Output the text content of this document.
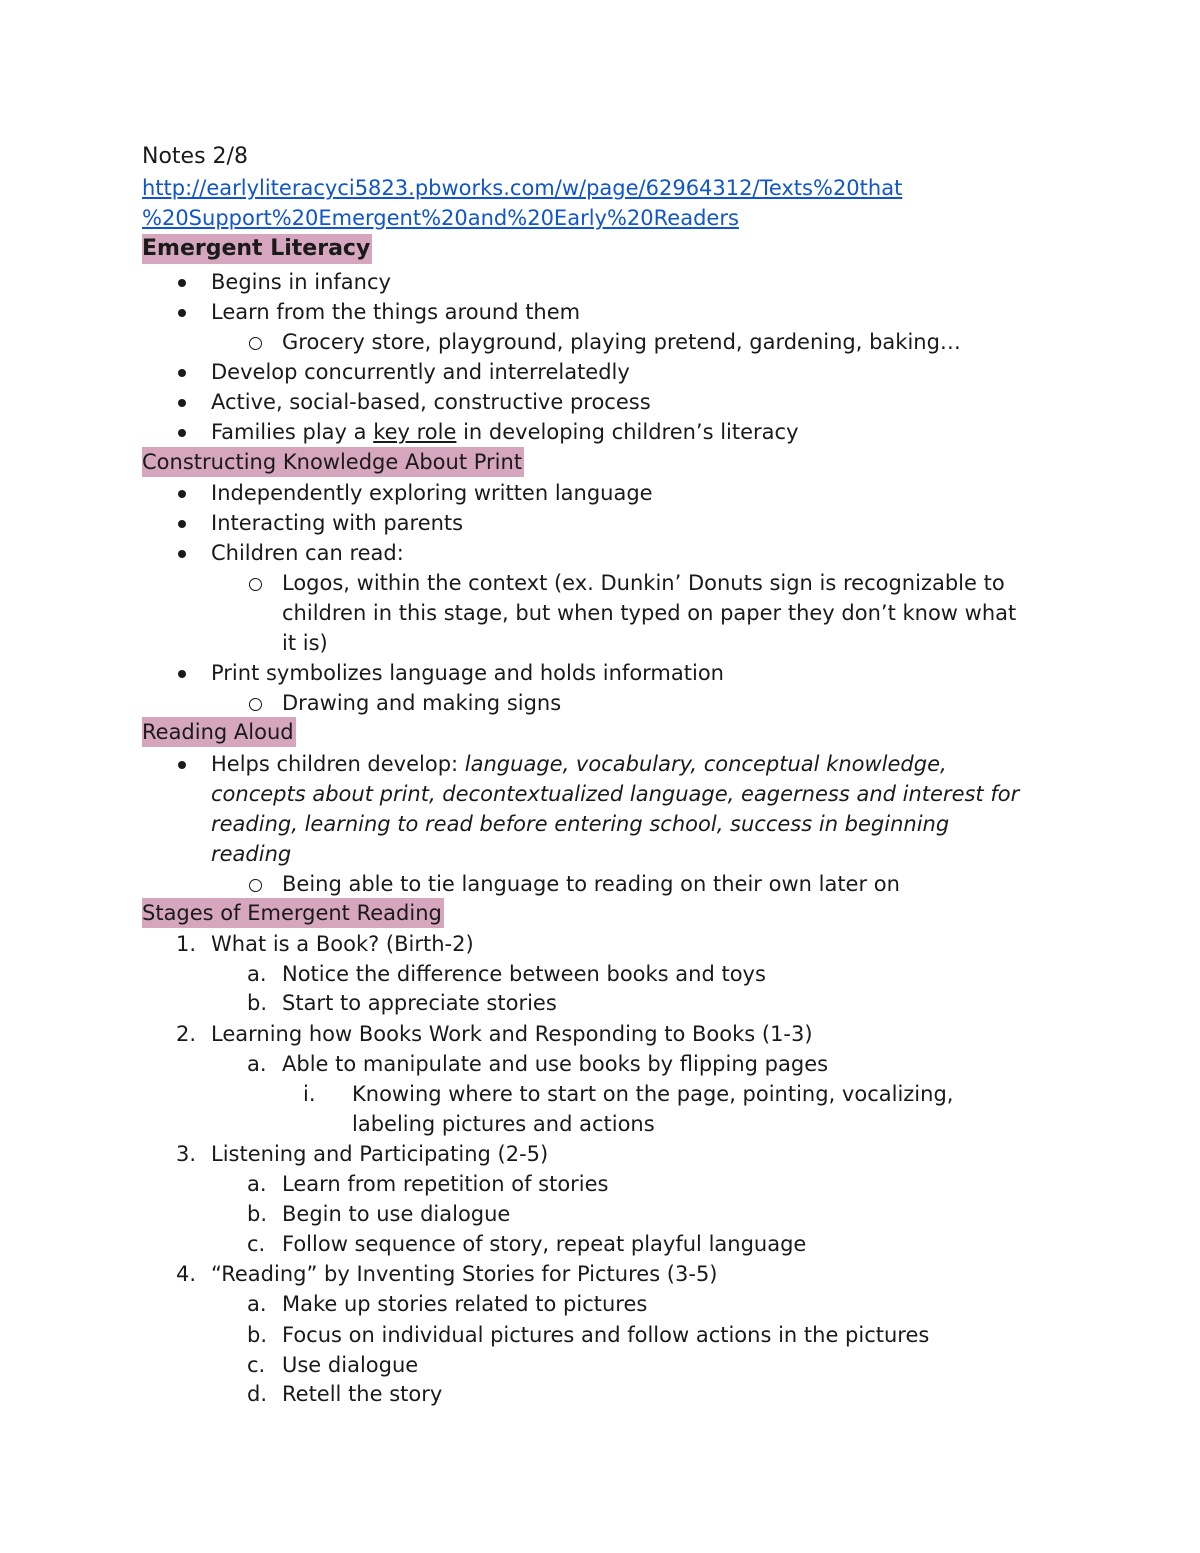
Notes 2/8
http://earlyliteracyci5823.pbworks.com/w/page/62964312/Texts%20that
%20Support%20Emergent%20and%20Early%20Readers
Emergent Literacy
Begins in infancy
Learn from the things around them
Grocery store, playground, playing pretend, gardening, baking…
Develop concurrently and interrelatedly
Active, social-based, constructive process
Families play a key role in developing children’s literacy
Constructing Knowledge About Print
Independently exploring written language
Interacting with parents
Children can read:
Logos, within the context (ex. Dunkin’ Donuts sign is recognizable to
children in this stage, but when typed on paper they don’t know what
it is)
Print symbolizes language and holds information
Drawing and making signs
Reading Aloud
Helps children develop: language, vocabulary, conceptual knowledge,
concepts about print, decontextualized language, eagerness and interest for
reading, learning to read before entering school, success in beginning
reading
Being able to tie language to reading on their own later on
Stages of Emergent Reading
1. What is a Book? (Birth-2)
a. Notice the difference between books and toys
b. Start to appreciate stories
2. Learning how Books Work and Responding to Books (1-3)
a. Able to manipulate and use books by flipping pages
i. Knowing where to start on the page, pointing, vocalizing,
labeling pictures and actions
3. Listening and Participating (2-5)
a. Learn from repetition of stories
b. Begin to use dialogue
c. Follow sequence of story, repeat playful language
4. “Reading” by Inventing Stories for Pictures (3-5)
a. Make up stories related to pictures
b. Focus on individual pictures and follow actions in the pictures
c. Use dialogue
d. Retell the story
